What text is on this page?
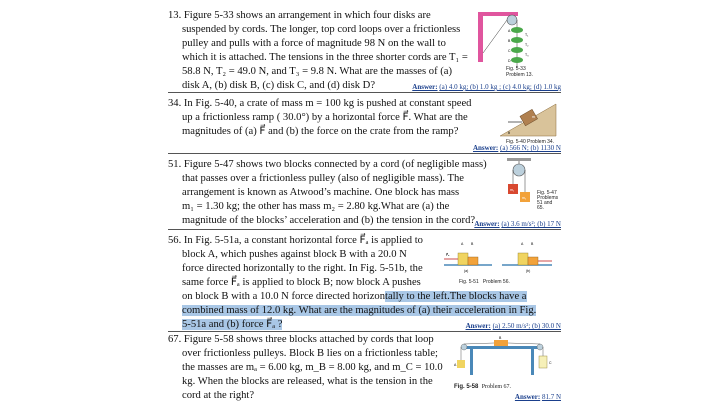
13. Figure 5-33 shows an arrangement in which four disks are
suspended by cords. The longer, top cord loops over a frictionless
pulley and pulls with a force of magnitude 98 N on the wall to
which it is attached. The tensions in the three shorter cords are T₁ =
58.8 N, T₂ = 49.0 N, and T₃ = 9.8 N. What are the masses of (a)
disk A, (b) disk B, (c) disk C, and (d) disk D?
A
B
C
D
T₁
T₂
T₃
Fig. 5-33
Problem 13.
Answer: (a) 4.0 kg; (b) 1.0 kg ; (c) 4.0 kg; (d) 1.0 kg
34. In Fig. 5-40, a crate of mass m = 100 kg is pushed at constant speed
up a frictionless ramp ( 30.0°) by a horizontal force F⃗. What are the
magnitudes of (a) F⃗ and (b) the force on the crate from the ramp?
m
θ
Fig. 5-40 Problem 34.
Answer: (a) 566 N; (b) 1130 N
51. Figure 5-47 shows two blocks connected by a cord (of negligible mass)
that passes over a frictionless pulley (also of negligible mass). The
arrangement is known as Atwood’s machine. One block has mass
m₁ = 1.30 kg; the other has mass m₂ = 2.80 kg.What are (a) the
magnitude of the blocks’ acceleration and (b) the tension in the cord?
m₁
m₂
Fig. 5-47
Problems 51 and 65.
Answer: (a) 3.6 m/s²; (b) 17 N
56. In Fig. 5-51a, a constant horizontal force F⃗ₐ is applied to
block A, which pushes against block B with a 20.0 N
force directed horizontally to the right. In Fig. 5-51b, the
same force F⃗ₐ is applied to block B; now block A pushes
on block B with a 10.0 N force directed horizontally to the left.The blocks have a
combined mass of 12.0 kg. What are the magnitudes of (a) their acceleration in Fig.
5-51a and (b) force F⃗ₐ ?
A B
F⃗ₐ
(a)
A B
(b)
Fig. 5-51 Problem 56.
Answer: (a) 2.50 m/s²; (b) 30.0 N
67. Figure 5-58 shows three blocks attached by cords that loop
over frictionless pulleys. Block B lies on a frictionless table;
the masses are mₐ = 6.00 kg, m_B = 8.00 kg, and m_C = 10.0
kg. When the blocks are released, what is the tension in the
cord at the right?
A
B
C
Fig. 5-58 Problem 67.
Answer: 81.7 N
